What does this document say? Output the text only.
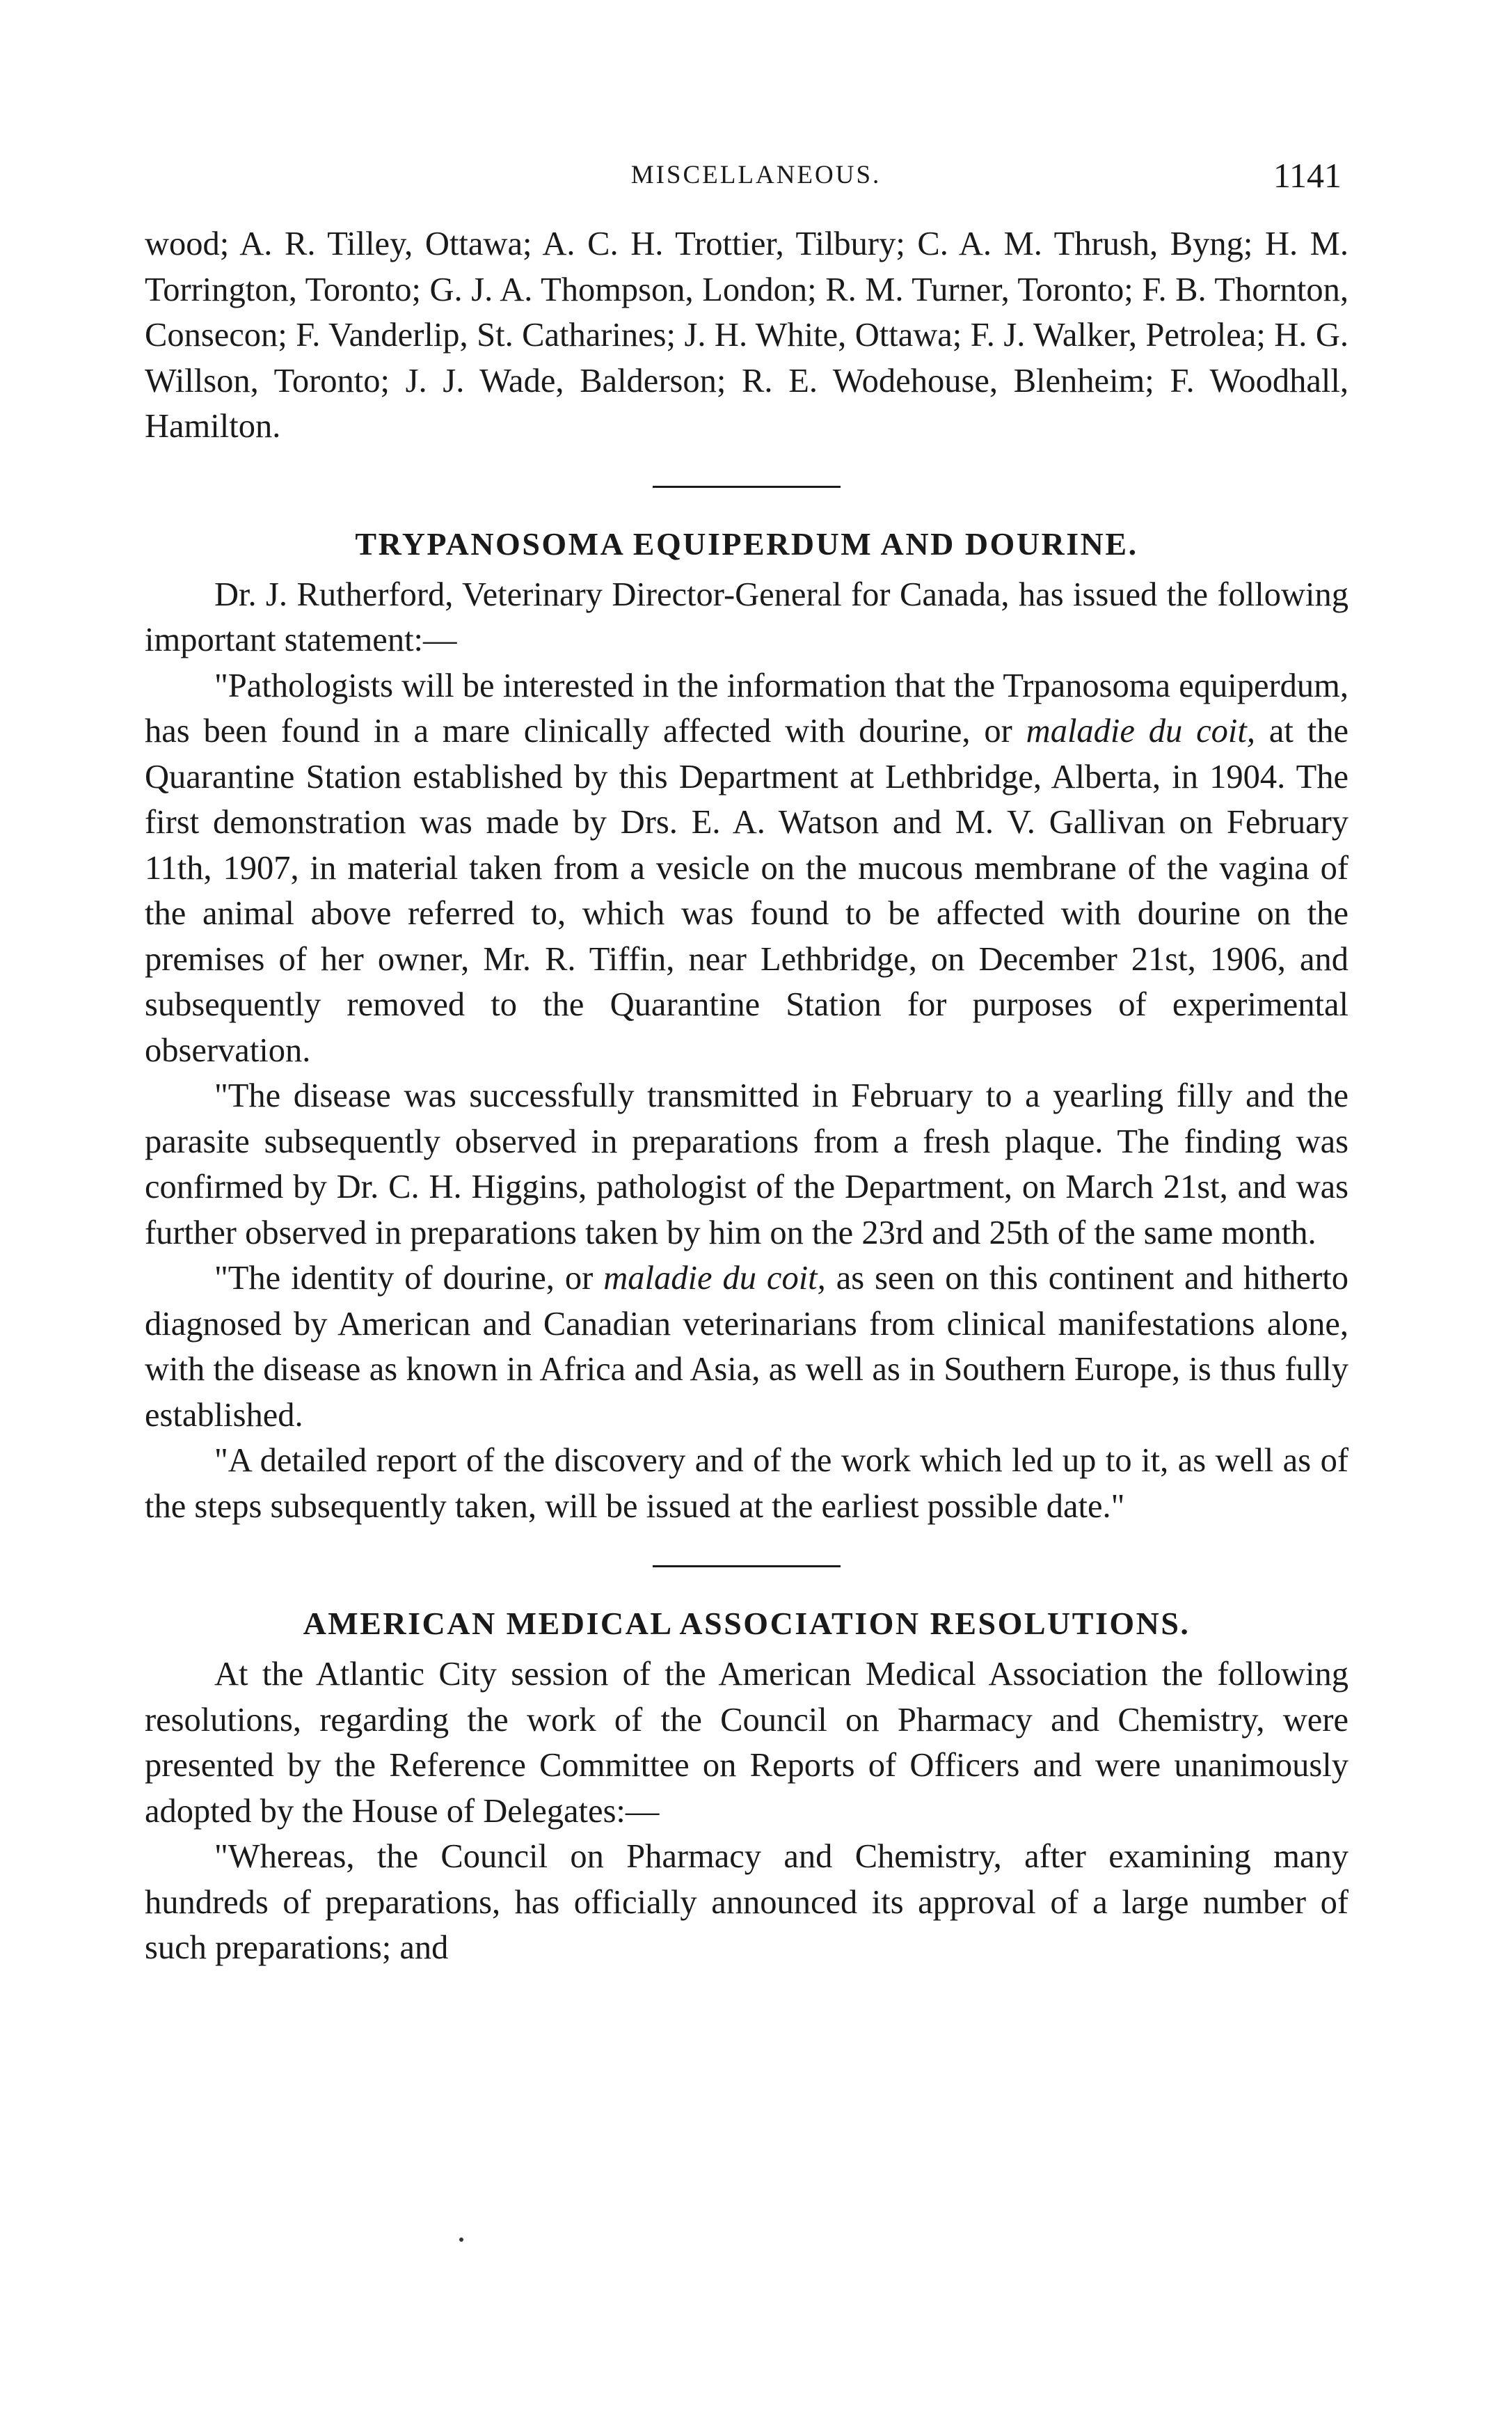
MISCELLANEOUS.	1141

wood; A. R. Tilley, Ottawa; A. C. H. Trottier, Tilbury; C. A. M. Thrush, Byng; H. M. Torrington, Toronto; G. J. A. Thompson, London; R. M. Turner, Toronto; F. B. Thornton, Consecon; F. Vanderlip, St. Catharines; J. H. White, Ottawa; F. J. Walker, Petrolea; H. G. Willson, Toronto; J. J. Wade, Balderson; R. E. Wodehouse, Blenheim; F. Woodhall, Hamilton.

TRYPANOSOMA EQUIPERDUM AND DOURINE.

Dr. J. Rutherford, Veterinary Director-General for Canada, has issued the following important statement:—

"Pathologists will be interested in the information that the Trpanosoma equiperdum, has been found in a mare clinically affected with dourine, or maladie du coit, at the Quarantine Station established by this Department at Lethbridge, Alberta, in 1904. The first demonstration was made by Drs. E. A. Watson and M. V. Gallivan on February 11th, 1907, in material taken from a vesicle on the mucous membrane of the vagina of the animal above referred to, which was found to be affected with dourine on the premises of her owner, Mr. R. Tiffin, near Lethbridge, on December 21st, 1906, and subsequently removed to the Quarantine Station for purposes of experimental observation.

"The disease was successfully transmitted in February to a yearling filly and the parasite subsequently observed in preparations from a fresh plaque. The finding was confirmed by Dr. C. H. Higgins, pathologist of the Department, on March 21st, and was further observed in preparations taken by him on the 23rd and 25th of the same month.

"The identity of dourine, or maladie du coit, as seen on this continent and hitherto diagnosed by American and Canadian veterinarians from clinical manifestations alone, with the disease as known in Africa and Asia, as well as in Southern Europe, is thus fully established.

"A detailed report of the discovery and of the work which led up to it, as well as of the steps subsequently taken, will be issued at the earliest possible date."

AMERICAN MEDICAL ASSOCIATION RESOLUTIONS.

At the Atlantic City session of the American Medical Association the following resolutions, regarding the work of the Council on Pharmacy and Chemistry, were presented by the Reference Committee on Reports of Officers and were unanimously adopted by the House of Delegates:—

"Whereas, the Council on Pharmacy and Chemistry, after examining many hundreds of preparations, has officially announced its approval of a large number of such preparations; and
